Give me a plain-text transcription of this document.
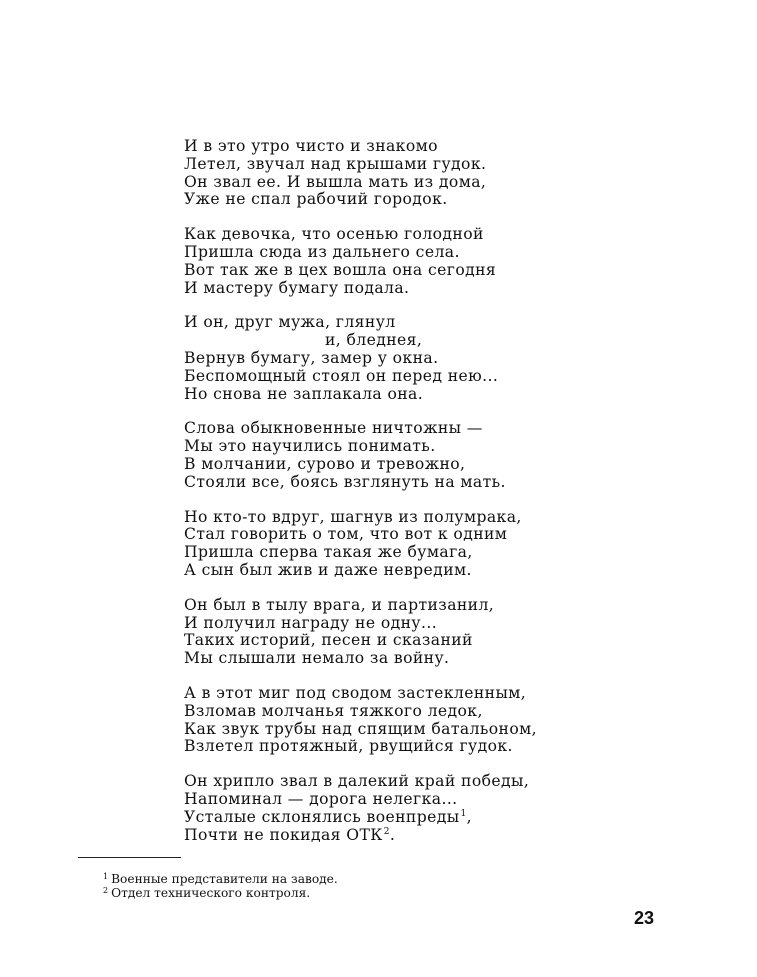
И в это утро чисто и знакомо
Летел, звучал над крышами гудок.
Он звал ее. И вышла мать из дома,
Уже не спал рабочий городок.
Как девочка, что осенью голодной
Пришла сюда из дальнего села.
Вот так же в цех вошла она сегодня
И мастеру бумагу подала.
И он, друг мужа, глянул
и, бледнея,
Вернув бумагу, замер у окна.
Беспомощный стоял он перед нею...
Но снова не заплакала она.
Слова обыкновенные ничтожны —
Мы это научились понимать.
В молчании, сурово и тревожно,
Стояли все, боясь взглянуть на мать.
Но кто-то вдруг, шагнув из полумрака,
Стал говорить о том, что вот к одним
Пришла сперва такая же бумага,
А сын был жив и даже невредим.
Он был в тылу врага, и партизанил,
И получил награду не одну...
Таких историй, песен и сказаний
Мы слышали немало за войну.
А в этот миг под сводом застекленным,
Взломав молчанья тяжкого ледок,
Как звук трубы над спящим батальоном,
Взлетел протяжный, рвущийся гудок.
Он хрипло звал в далекий край победы,
Напоминал — дорога нелегка...
Усталые склонялись военпреды$^1$,
Почти не покидая ОТК$^2$.
$^1$ Военные представители на заводе.
$^2$ Отдел технического контроля.
23
